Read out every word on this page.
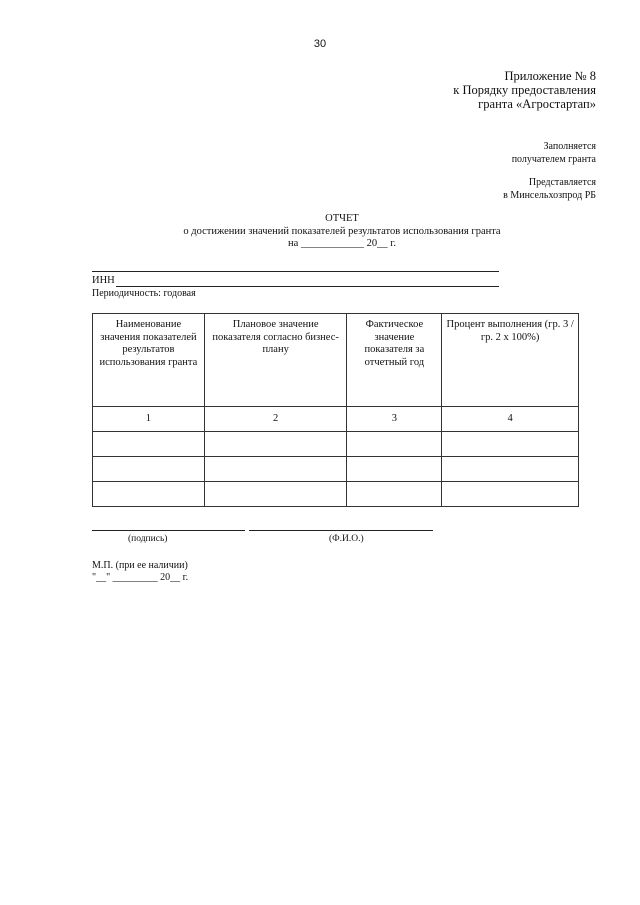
30
Приложение № 8
к Порядку предоставления
гранта «Агростартап»
Заполняется
получателем гранта
Представляется
в Минсельхозпрод РБ
ОТЧЕТ
о достижении значений показателей результатов использования гранта
на ____________ 20__ г.
ИНН
Периодичность: годовая
Наименование значения показателей результатов использования гранта	Плановое значение показателя согласно бизнес-плану	Фактическое значение показателя за отчетный год	Процент выполнения (гр. 3 / гр. 2 x 100%)
1	2	3	4

(подпись)	(Ф.И.О.)
М.П. (при ее наличии)
"__" _________ 20__ г.
